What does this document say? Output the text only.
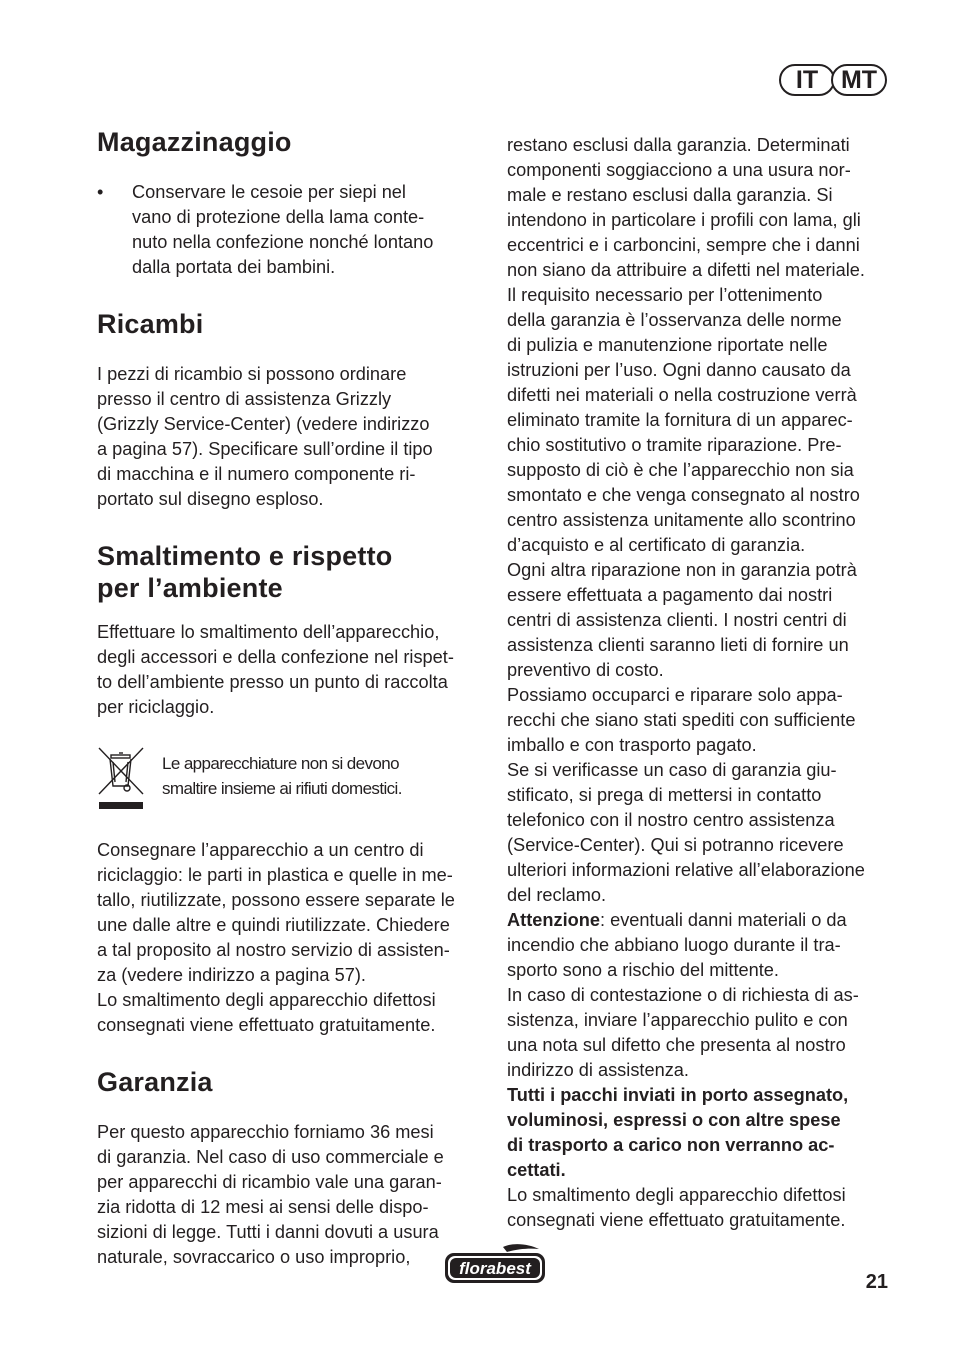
IT MT
Magazzinaggio
•	Conservare le cesoie per siepi nel

vano di protezione della lama conte-

nuto nella confezione nonché lontano

dalla portata dei bambini.

Ricambi

I pezzi di ricambio si possono ordinare

presso il centro di assistenza Grizzly

(Grizzly Service-Center) (vedere indirizzo

a pagina 57). Specificare sull’ordine il tipo

di macchina e il numero componente ri-

portato sul disegno esploso.

Smaltimento e rispetto
per l’ambiente

Effettuare lo smaltimento dell’apparecchio,

degli accessori e della confezione nel rispet-

to dell’ambiente presso un punto di raccolta

per riciclaggio.

Le apparecchiature non si devono

smaltire insieme ai rifiuti domestici.

Consegnare l’apparecchio a un centro di

riciclaggio: le parti in plastica e quelle in me-

tallo, riutilizzate, possono essere separate le

une dalle altre e quindi riutilizzate. Chiedere

a tal proposito al nostro servizio di assisten-

za (vedere indirizzo a pagina 57).

Lo smaltimento degli apparecchio difettosi

consegnati viene effettuato gratuitamente.

Garanzia

Per questo apparecchio forniamo 36 mesi

di garanzia. Nel caso di uso commerciale e

per apparecchi di ricambio vale una garan-

zia ridotta di 12 mesi ai sensi delle dispo-

sizioni di legge. Tutti i danni dovuti a usura

naturale, sovraccarico o uso improprio,

restano esclusi dalla garanzia. Determinati

componenti soggiacciono a una usura nor-

male e restano esclusi dalla garanzia. Si

intendono in particolare i profili con lama, gli

eccentrici e i carboncini, sempre che i danni

non siano da attribuire a difetti nel materiale.

Il requisito necessario per l’ottenimento

della garanzia è l’osservanza delle norme

di pulizia e manutenzione riportate nelle

istruzioni per l’uso. Ogni danno causato da

difetti nei materiali o nella costruzione verrà

eliminato tramite la fornitura di un apparec-

chio sostitutivo o tramite riparazione. Pre-

supposto di ciò è che l’apparecchio non sia

smontato e che venga consegnato al nostro

centro assistenza unitamente allo scontrino

d’acquisto e al certificato di garanzia.

Ogni altra riparazione non in garanzia potrà

essere effettuata a pagamento dai nostri

centri di assistenza clienti. I nostri centri di

assistenza clienti saranno lieti di fornire un

preventivo di costo.

Possiamo occuparci e riparare solo appa-

recchi che siano stati spediti con sufficiente

imballo e con trasporto pagato.

Se si verificasse un caso di garanzia giu-

stificato, si prega di mettersi in contatto

telefonico con il nostro centro assistenza

(Service-Center). Qui si potranno ricevere

ulteriori informazioni relative all’elaborazione

del reclamo.

Attenzione: eventuali danni materiali o da

incendio che abbiano luogo durante il tra-

sporto sono a rischio del mittente.

In caso di contestazione o di richiesta di as-

sistenza, inviare l’apparecchio pulito e con

una nota sul difetto che presenta al nostro

indirizzo di assistenza.

Tutti i pacchi inviati in porto assegnato,

voluminosi, espressi o con altre spese

di trasporto a carico non verranno ac-

cettati.

Lo smaltimento degli apparecchio difettosi

consegnati viene effettuato gratuitamente.

florabest
21
